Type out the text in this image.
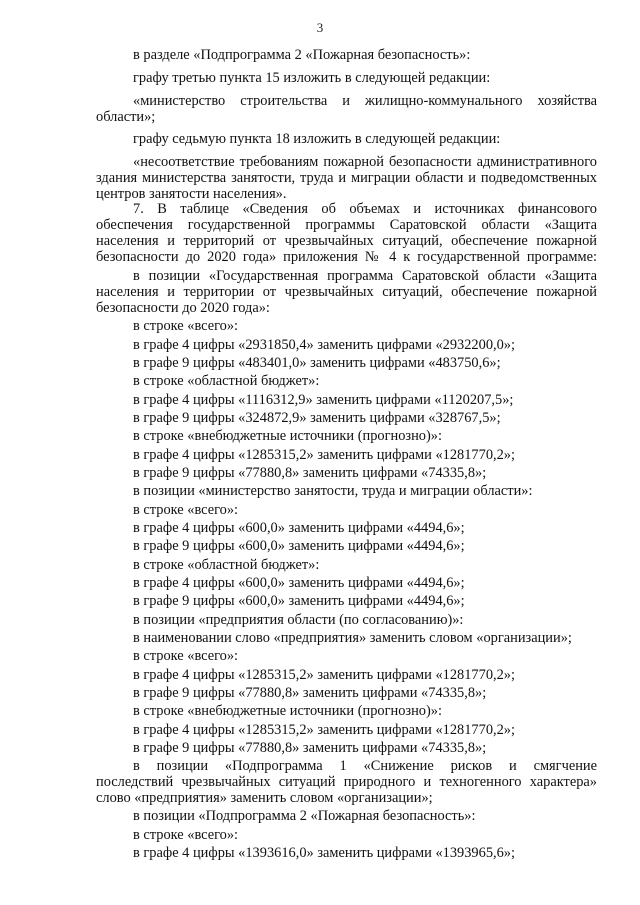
3
в разделе «Подпрограмма 2 «Пожарная безопасность»:
графу третью пункта 15 изложить в следующей редакции:
«министерство строительства и жилищно-коммунального хозяйства
области»;
графу седьмую пункта 18 изложить в следующей редакции:
«несоответствие требованиям пожарной безопасности административного
здания министерства занятости, труда и миграции области и подведомственных
центров занятости населения».
7. В таблице «Сведения об объемах и источниках финансового
обеспечения государственной программы Саратовской области «Защита
населения и территорий от чрезвычайных ситуаций, обеспечение пожарной
безопасности до 2020 года» приложения № 4 к государственной программе:
в позиции «Государственная программа Саратовской области «Защита
населения и территории от чрезвычайных ситуаций, обеспечение пожарной
безопасности до 2020 года»:
в строке «всего»:
в графе 4 цифры «2931850,4» заменить цифрами «2932200,0»;
в графе 9 цифры «483401,0» заменить цифрами «483750,6»;
в строке «областной бюджет»:
в графе 4 цифры «1116312,9» заменить цифрами «1120207,5»;
в графе 9 цифры «324872,9» заменить цифрами «328767,5»;
в строке «внебюджетные источники (прогнозно)»:
в графе 4 цифры «1285315,2» заменить цифрами «1281770,2»;
в графе 9 цифры «77880,8» заменить цифрами «74335,8»;
в позиции «министерство занятости, труда и миграции области»:
в строке «всего»:
в графе 4 цифры «600,0» заменить цифрами «4494,6»;
в графе 9 цифры «600,0» заменить цифрами «4494,6»;
в строке «областной бюджет»:
в графе 4 цифры «600,0» заменить цифрами «4494,6»;
в графе 9 цифры «600,0» заменить цифрами «4494,6»;
в позиции «предприятия области (по согласованию)»:
в наименовании слово «предприятия» заменить словом «организации»;
в строке «всего»:
в графе 4 цифры «1285315,2» заменить цифрами «1281770,2»;
в графе 9 цифры «77880,8» заменить цифрами «74335,8»;
в строке «внебюджетные источники (прогнозно)»:
в графе 4 цифры «1285315,2» заменить цифрами «1281770,2»;
в графе 9 цифры «77880,8» заменить цифрами «74335,8»;
в позиции «Подпрограмма 1 «Снижение рисков и смягчение
последствий чрезвычайных ситуаций природного и техногенного характера»
слово «предприятия» заменить словом «организации»;
в позиции «Подпрограмма 2 «Пожарная безопасность»:
в строке «всего»:
в графе 4 цифры «1393616,0» заменить цифрами «1393965,6»;
